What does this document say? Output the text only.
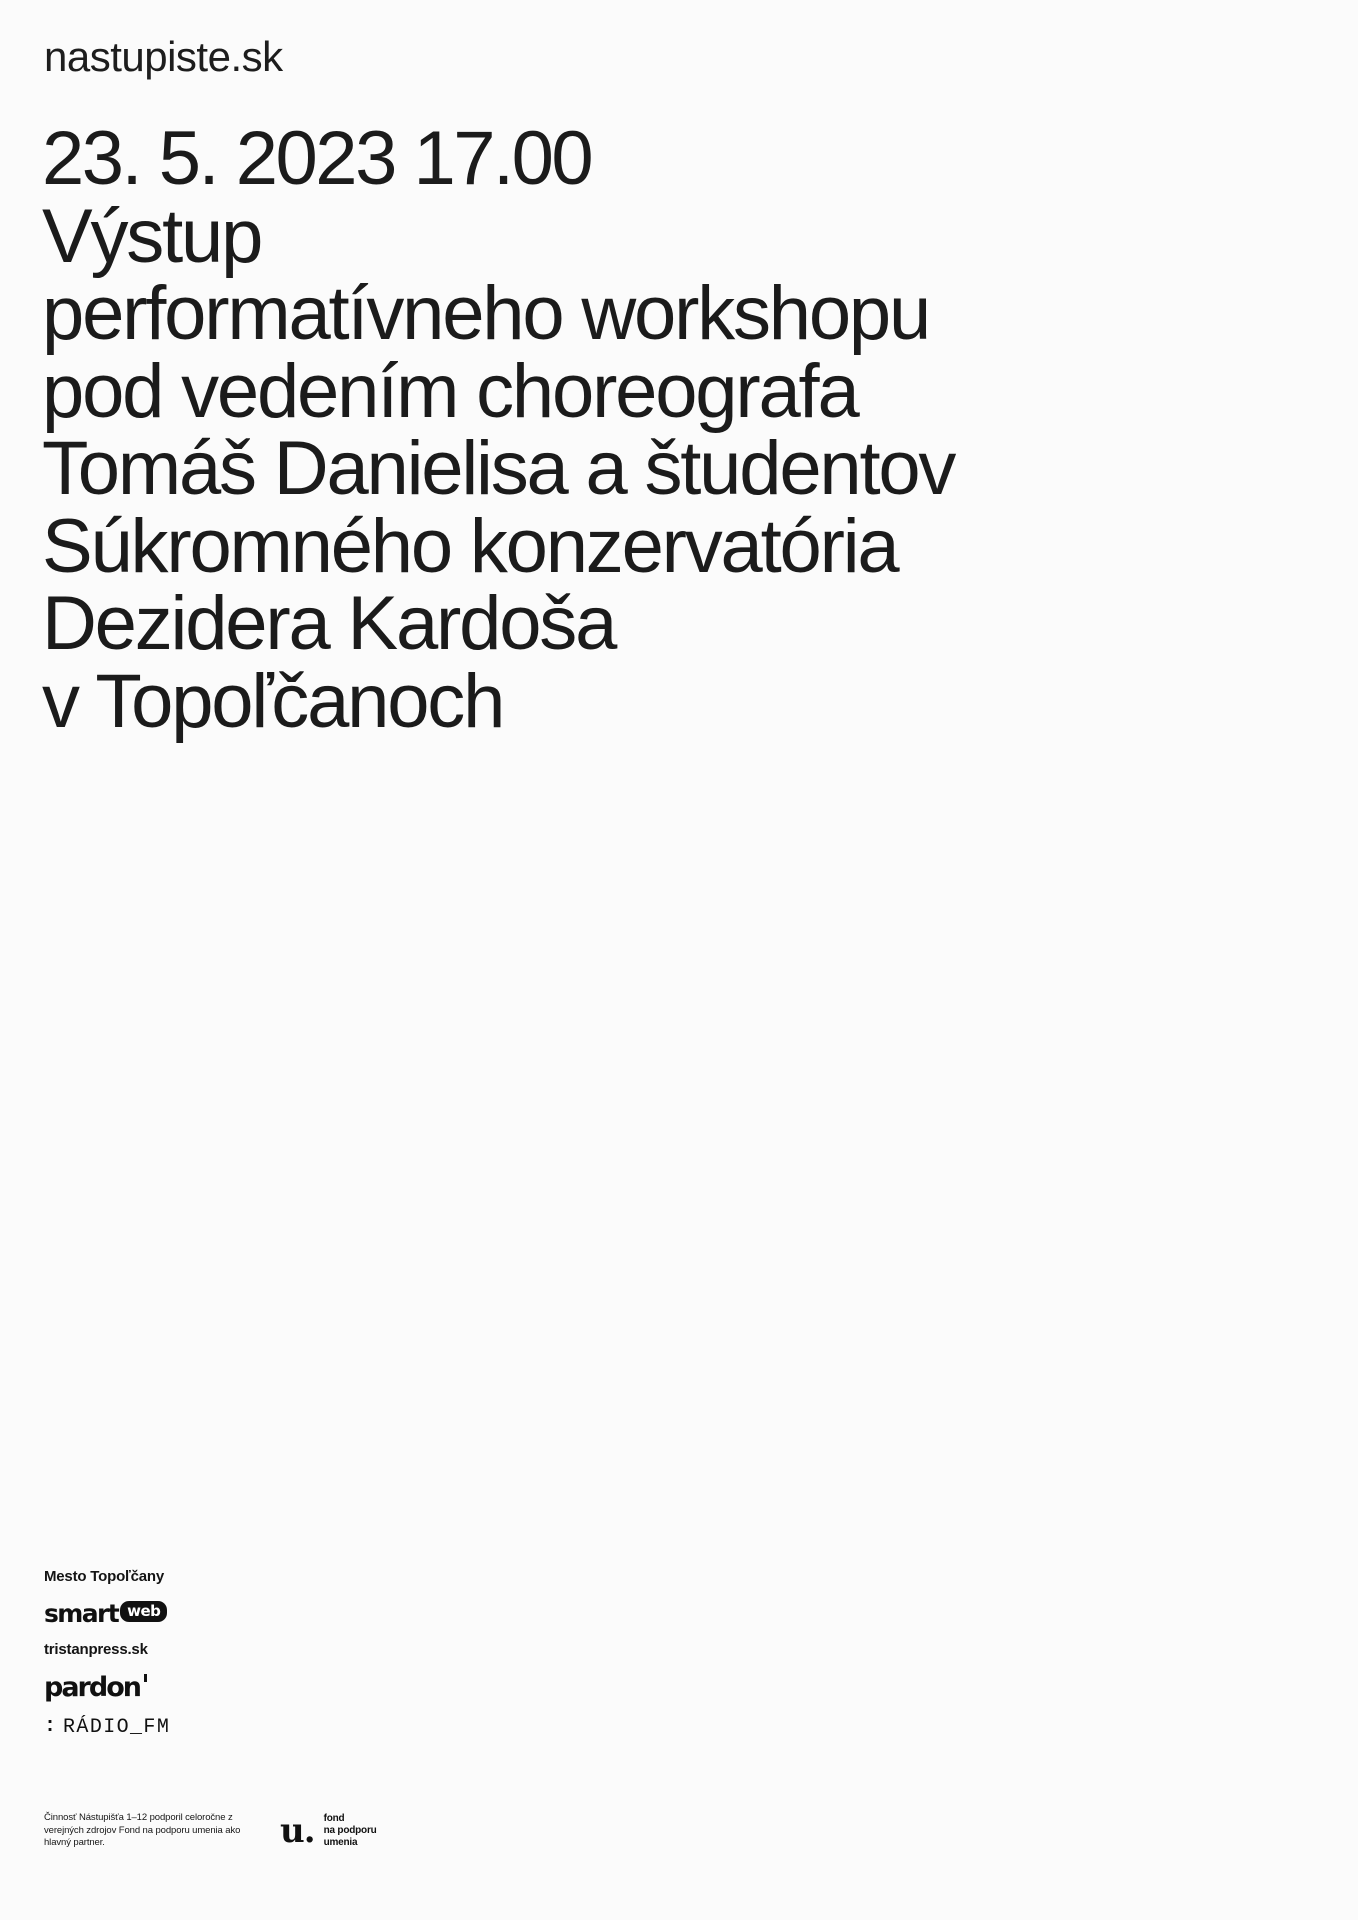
nastupiste.sk
23. 5. 2023 17.00
Výstup
performatívneho workshopu
pod vedením choreografa
Tomáš Danielisa a študentov
Súkromného konzervatória
Dezidera Kardoša
v Topoľčanoch
Mesto Topoľčany
smart web
tristanpress.sk
pardon
: RÁDIO_FM
Činnosť Nástupišťa 1–12 podporil celoročne z verejných zdrojov Fond na podporu umenia ako hlavný partner.	u. fond
na podporu
umenia
